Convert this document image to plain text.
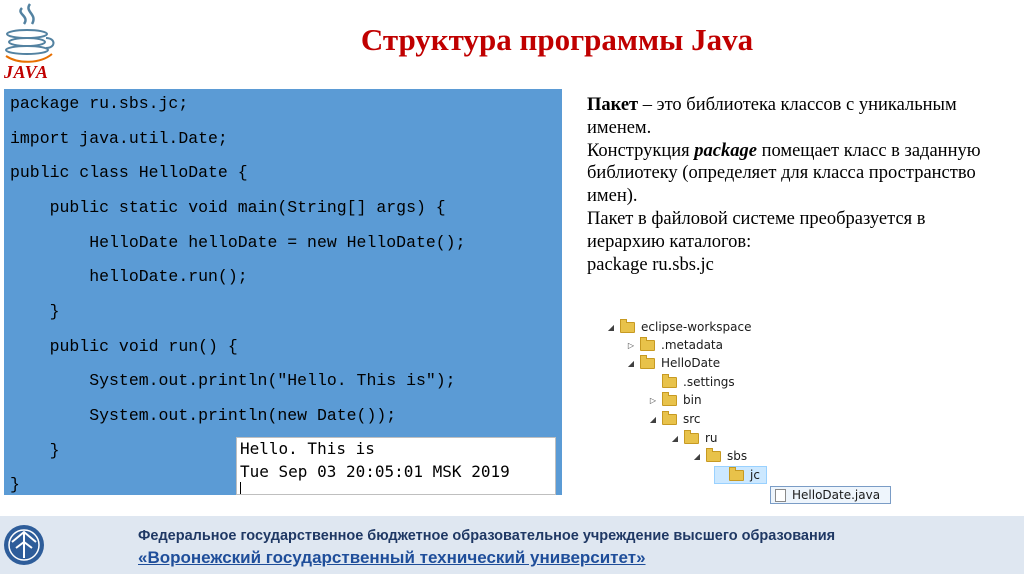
JAVA
Структура программы Java
package ru.sbs.jc;
import java.util.Date;
public class HelloDate {
public static void main(String[] args) {
HelloDate helloDate = new HelloDate();
helloDate.run();
}
public void run() {
System.out.println("Hello. This is");
System.out.println(new Date());
}
}
Hello. This is
Tue Sep 03 20:05:01 MSK 2019
Пакет – это библиотека классов с уникальным именем.
Конструкция package помещает класс в заданную библиотеку (определяет для класса пространство имен).
Пакет в файловой системе преобразуется в иерархию каталогов:
package ru.sbs.jc
◢ eclipse-workspace
▷ .metadata
◢ HelloDate
.settings
▷ bin
◢ src
◢ ru
◢ sbs
jc
HelloDate.java
Федеральное государственное бюджетное образовательное учреждение высшего образования
«Воронежский государственный технический университет»
